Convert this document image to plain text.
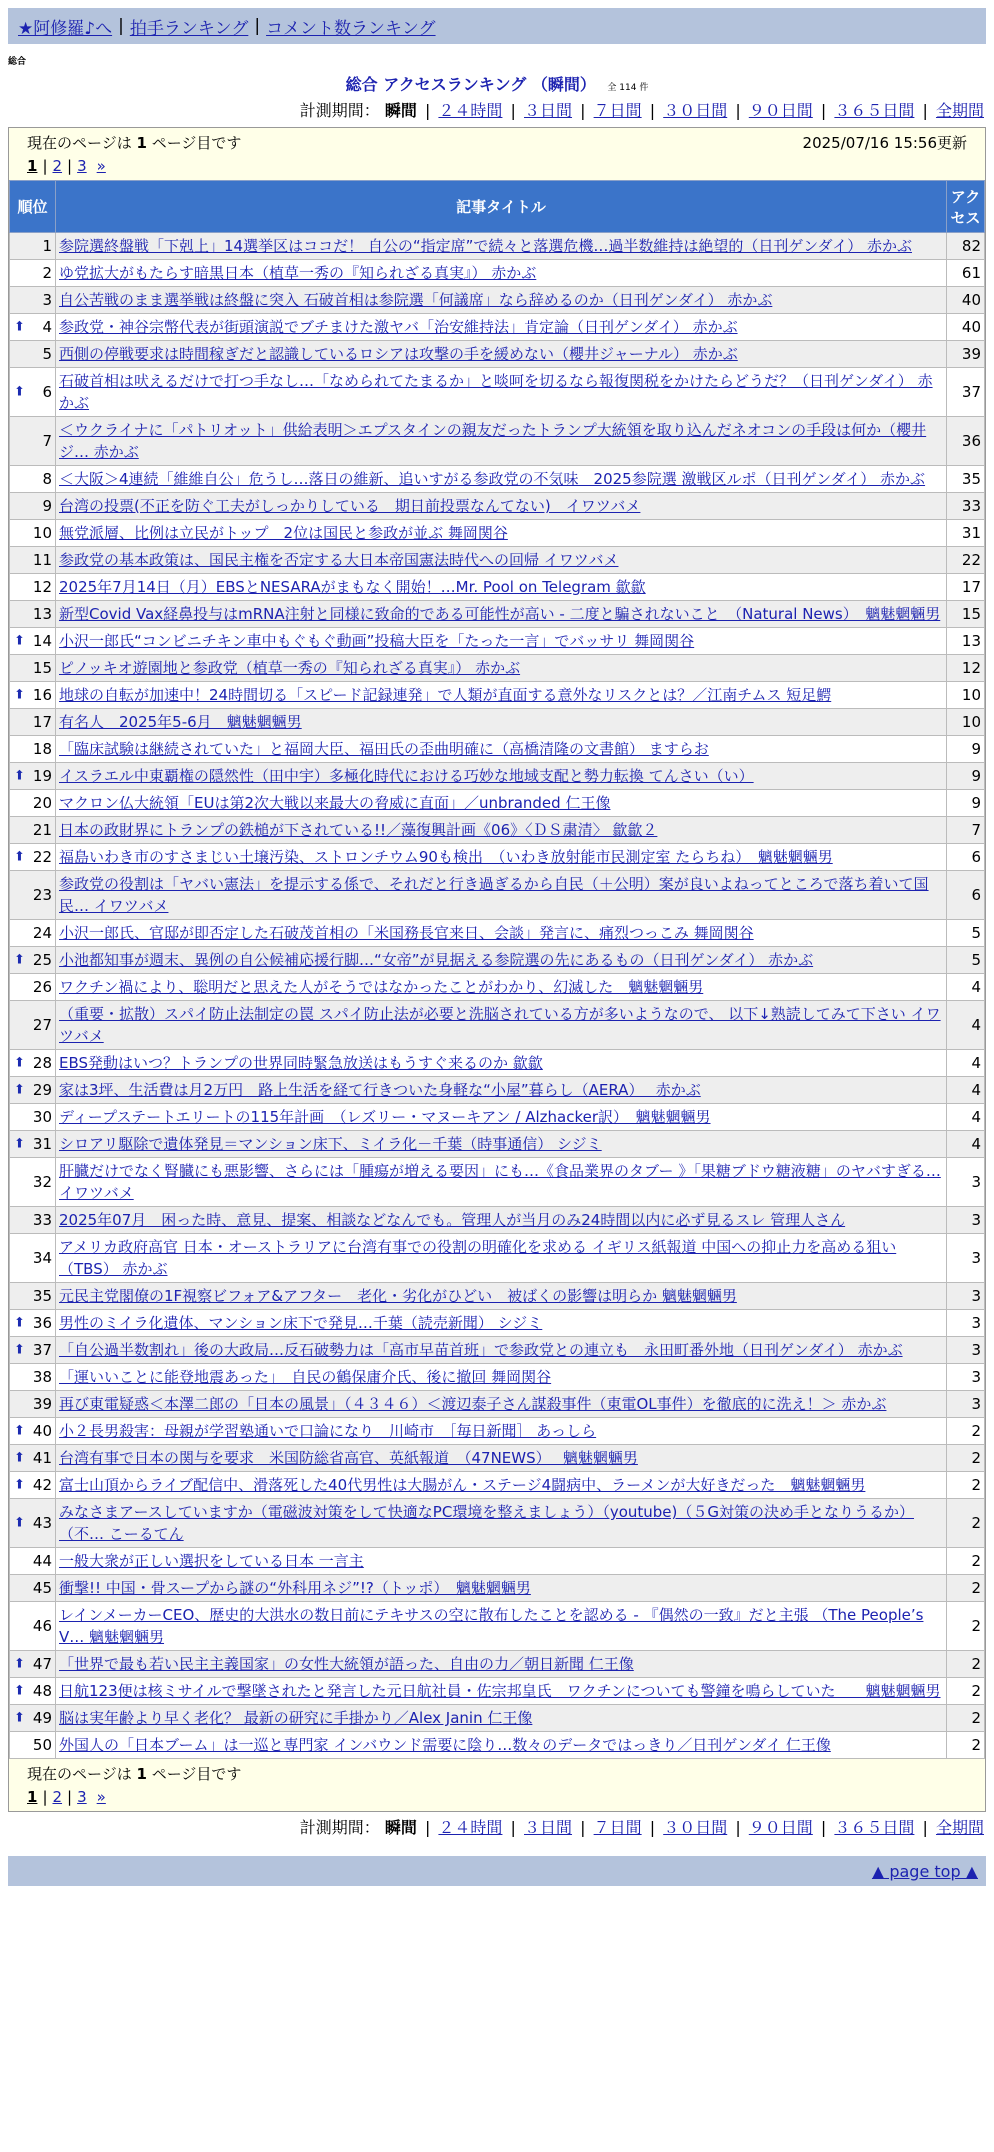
★阿修羅♪へ | 拍手ランキング | コメント数ランキング
総合
総合 アクセスランキング （瞬間） 全 114 件
計測期間： 瞬間 | ２４時間 | ３日間 | ７日間 | ３０日間 | ９０日間 | ３６５日間 | 全期間
現在のページは 1 ページ目です	2025/07/16 15:56更新
1 | 2 | 3 »
順位	記事タイトル	アクセス
1	参院選終盤戦「下剋上」14選挙区はココだ！ 自公の“指定席”で続々と落選危機…過半数維持は絶望的（日刊ゲンダイ） 赤かぶ	82
2	ゆ党拡大がもたらす暗黒日本（植草一秀の『知られざる真実』） 赤かぶ	61
3	自公苦戦のまま選挙戦は終盤に突入 石破首相は参院選「何議席」なら辞めるのか（日刊ゲンダイ） 赤かぶ	40

⬆ 4	参政党・神谷宗幣代表が街頭演説でブチまけた激ヤバ「治安維持法」肯定論（日刊ゲンダイ） 赤かぶ	40
5	西側の停戦要求は時間稼ぎだと認識しているロシアは攻撃の手を緩めない（櫻井ジャーナル） 赤かぶ	39

⬆ 6	石破首相は吠えるだけで打つ手なし…「なめられてたまるか」と啖呵を切るなら報復関税をかけたらどうだ？（日刊ゲンダイ） 赤かぶ	37
7	＜ウクライナに「パトリオット」供給表明＞エプスタインの親友だったトランプ大統領を取り込んだネオコンの手段は何か（櫻井ジ… 赤かぶ	36
8	＜大阪＞4連続「維維自公」危うし…落日の維新、追いすがる参政党の不気味　2025参院選 激戦区ルポ（日刊ゲンダイ） 赤かぶ	35
9	台湾の投票(不正を防ぐ工夫がしっかりしている　期日前投票なんてない)　イワツバメ	33
10	無党派層、比例は立民がトップ　2位は国民と参政が並ぶ 舞岡関谷	31
11	参政党の基本政策は、国民主権を否定する大日本帝国憲法時代への回帰 イワツバメ	22
12	2025年7月14日（月）EBSとNESARAがまもなく開始！…Mr. Pool on Telegram 歙歙	17
13	新型Covid Vax経鼻投与はmRNA注射と同様に致命的である可能性が高い - 二度と騙されないこと　（Natural News）　魑魅魍魎男	15

⬆ 14	小沢一郎氏“コンビニチキン車中もぐもぐ動画”投稿大臣を「たった一言」でバッサリ 舞岡関谷	13
15	ピノッキオ遊園地と参政党（植草一秀の『知られざる真実』） 赤かぶ	12

⬆ 16	地球の自転が加速中！24時間切る「スピード記録連発」で人類が直面する意外なリスクとは？／江南チムス 短足鰐	10
17	有名人　2025年5-6月　魑魅魍魎男	10
18	「臨床試験は継続されていた」と福岡大臣、福田氏の歪曲明確に（高橋清隆の文書館） ますらお	9

⬆ 19	イスラエル中東覇権の隠然性（田中宇）多極化時代における巧妙な地域支配と勢力転換 てんさい（い）	9
20	マクロン仏大統領「EUは第2次大戦以来最大の脅威に直面」／unbranded 仁王像	9
21	日本の政財界にトランプの鉄槌が下されている!!／藻復興計画《06》〈ＤＳ粛清〉 歙歙２	7

⬆ 22	福島いわき市のすさまじい土壌汚染、ストロンチウム90も検出　（いわき放射能市民測定室 たらちね）　魑魅魍魎男	6
23	参政党の役割は「ヤバい憲法」を提示する係で、それだと行き過ぎるから自民（＋公明）案が良いよねってところで落ち着いて国民… イワツバメ	6
24	小沢一郎氏、官邸が即否定した石破茂首相の「米国務長官来日、会談」発言に、痛烈つっこみ 舞岡関谷	5

⬆ 25	小池都知事が週末、異例の自公候補応援行脚…“女帝”が見据える参院選の先にあるもの（日刊ゲンダイ） 赤かぶ	5
26	ワクチン禍により、聡明だと思えた人がそうではなかったことがわかり、幻滅した　魑魅魍魎男	4
27	（重要・拡散）スパイ防止法制定の罠 スパイ防止法が必要と洗脳されている方が多いようなので、 以下↓熟読してみて下さい イワツバメ	4

⬆ 28	EBS発動はいつ？トランプの世界同時緊急放送はもうすぐ来るのか 歙歙	4

⬆ 29	家は3坪、生活費は月2万円　路上生活を経て行きついた身軽な“小屋”暮らし（AERA）　 赤かぶ	4
30	ディープステートエリートの115年計画　（レズリー・マヌーキアン / Alzhacker訳）　魑魅魍魎男	4

⬆ 31	シロアリ駆除で遺体発見＝マンション床下、ミイラ化－千葉（時事通信） シジミ	4
32	肝臓だけでなく腎臓にも悪影響、さらには「腫瘍が増える要因」にも…《食品業界のタブー 》「果糖ブドウ糖液糖」のヤバすぎる… イワツバメ	3
33	2025年07月　困った時、意見、提案、相談などなんでも。管理人が当月のみ24時間以内に必ず見るスレ 管理人さん	3
34	アメリカ政府高官 日本・オーストラリアに台湾有事での役割の明確化を求める イギリス紙報道 中国への抑止力を高める狙い（TBS） 赤かぶ	3
35	元民主党閣僚の1F視察ビフォア&アフター　老化・劣化がひどい　被ばくの影響は明らか 魑魅魍魎男	3

⬆ 36	男性のミイラ化遺体、マンション床下で発見…千葉（読売新聞） シジミ	3

⬆ 37	「自公過半数割れ」後の大政局…反石破勢力は「高市早苗首班」で参政党との連立も　永田町番外地（日刊ゲンダイ） 赤かぶ	3
38	「運いいことに能登地震あった」　自民の鶴保庸介氏、後に撤回 舞岡関谷	3
39	再び東電疑惑＜本澤二郎の「日本の風景」（４３４６）＜渡辺泰子さん謀殺事件（東電OL事件）を徹底的に洗え！＞ 赤かぶ	3

⬆ 40	小２長男殺害：母親が学習塾通いで口論になり　川崎市　［毎日新聞］ あっしら	2

⬆ 41	台湾有事で日本の関与を要求　米国防総省高官、英紙報道　（47NEWS）　 魑魅魍魎男	2

⬆ 42	富士山頂からライブ配信中、滑落死した40代男性は大腸がん・ステージ4闘病中、ラーメンが大好きだった　魑魅魍魎男	2

⬆ 43	みなさまアースしていますか（電磁波対策をして快適なPC環境を整えましょう）（youtube)（５G対策の決め手となりうるか）（不… こーるてん	2
44	一般大衆が正しい選択をしている日本 一言主	2
45	衝撃!! 中国・骨スープから謎の“外科用ネジ”!?（トッポ）　魑魅魍魎男	2
46	レインメーカーCEO、歴史的大洪水の数日前にテキサスの空に散布したことを認める - 『偶然の一致』だと主張 （The People’s V… 魑魅魍魎男	2

⬆ 47	「世界で最も若い民主主義国家」の女性大統領が語った、自由の力／朝日新聞 仁王像	2

⬆ 48	日航123便は核ミサイルで撃墜されたと発言した元日航社員・佐宗邦皇氏　ワクチンについても警鐘を鳴らしていた　　魑魅魍魎男	2

⬆ 49	脳は実年齢より早く老化？ 最新の研究に手掛かり／Alex Janin 仁王像	2
50	外国人の「日本ブーム」は一巡と専門家 インバウンド需要に陰り…数々のデータではっきり／日刊ゲンダイ 仁王像	2
現在のページは 1 ページ目です
1 | 2 | 3 »
計測期間： 瞬間 | ２４時間 | ３日間 | ７日間 | ３０日間 | ９０日間 | ３６５日間 | 全期間
▲ page top ▲
